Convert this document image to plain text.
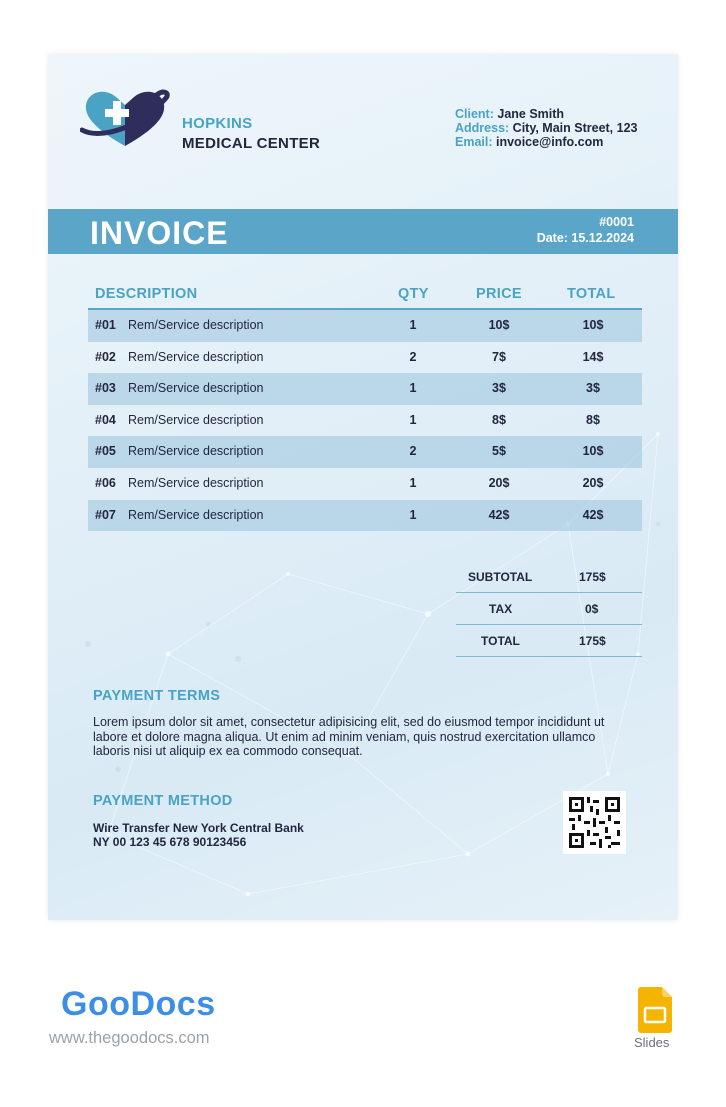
HOPKINS
MEDICAL CENTER
Client: Jane Smith
Address: City, Main Street, 123
Email: invoice@info.com
INVOICE	#0001
Date: 15.12.2024
DESCRIPTION	QTY	PRICE	TOTAL
#01 Rem/Service description	1	10$	10$
#02 Rem/Service description	2	7$	14$
#03 Rem/Service description	1	3$	3$
#04 Rem/Service description	1	8$	8$
#05 Rem/Service description	2	5$	10$
#06 Rem/Service description	1	20$	20$
#07 Rem/Service description	1	42$	42$
SUBTOTAL	175$
TAX	0$
TOTAL	175$
PAYMENT TERMS
Lorem ipsum dolor sit amet, consectetur adipisicing elit, sed do eiusmod tempor incididunt ut labore et dolore magna aliqua. Ut enim ad minim veniam, quis nostrud exercitation ullamco laboris nisi ut aliquip ex ea commodo consequat.
PAYMENT METHOD
Wire Transfer New York Central Bank
NY 00 123 45 678 90123456
GooDocs
www.thegoodocs.com	Slides
